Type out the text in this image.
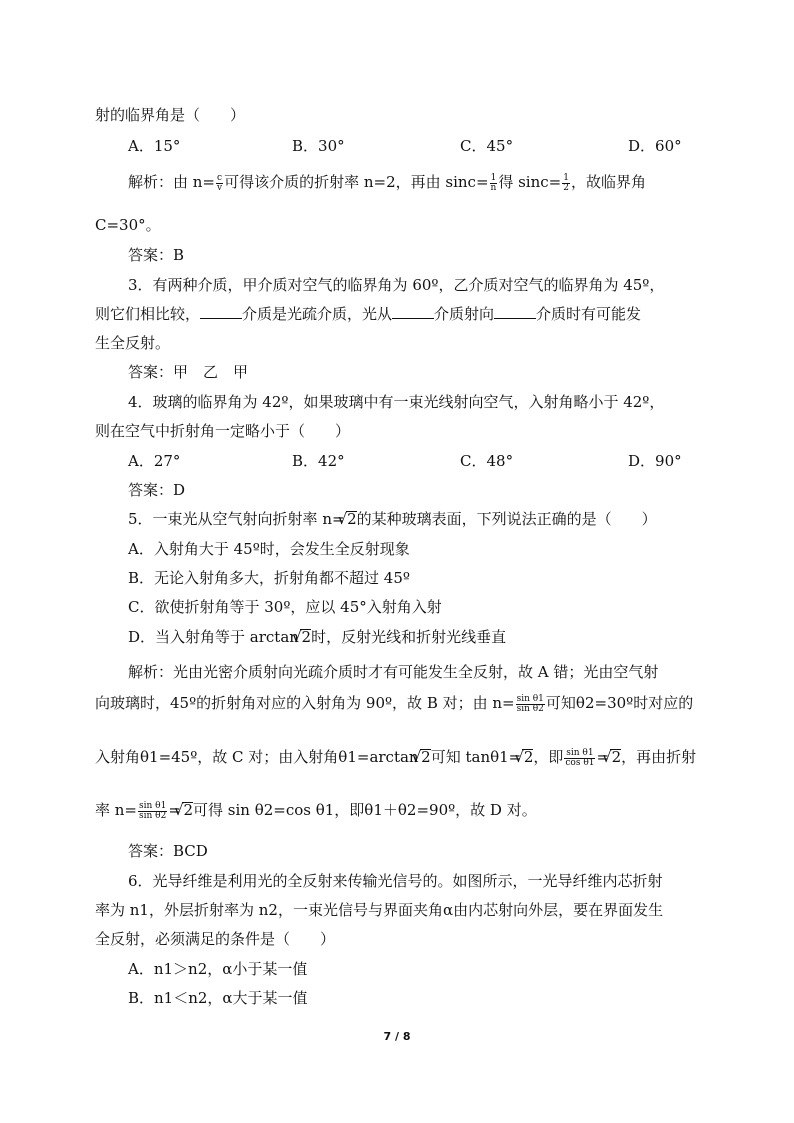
射的临界角是（　　）
A．15°	B．30°	C．45°	D．60°
解析：由 $n= \frac{c}{v}$ 可得该介质的折射率 n=2，再由 $\sin c= \frac{1}{n}$ 得 $\sin c= \frac{1}{2}$ ，故临界角
C=30°。
答案：B
3．有两种介质，甲介质对空气的临界角为 60º，乙介质对空气的临界角为 45º，
则它们相比较，	介质是光疏介质，光从	介质射向	介质时有可能发
生全反射。
答案：甲　乙　甲
4．玻璃的临界角为 42º，如果玻璃中有一束光线射向空气，入射角略小于 42º，
则在空气中折射角一定略小于（　　）
A．27°	B．42°	C．48°	D．90°
答案：D
5．一束光从空气射向折射率 n= √ 2的某种玻璃表面，下列说法正确的是（　　）
A．入射角大于 45º时，会发生全反射现象
B．无论入射角多大，折射角都不超过 45º
C．欲使折射角等于 30º，应以 45°入射角入射
D．当入射角等于 arctan √ 2时，反射光线和折射光线垂直
解析：光由光密介质射向光疏介质时才有可能发生全反射，故 A 错；光由空气射
向玻璃时，45º的折射角对应的入射角为 90º，故 B 对；由 $n= \frac{\text{sin θ1}}{\text{sin θ2}}$ 可知θ2=30º时对应的
入射角θ1=45º，故 C 对；由入射角θ1=arctan √ 2可知 tanθ1= √ 2，即 $\frac{\text{sin θ1}}{\text{cos θ1}}$ = √ 2，再由折射
率 $n= \frac{\text{sin θ1}}{\text{sin θ2}}$ = √ 2可得 sin θ2=cos θ1，即θ1＋θ2=90º，故 D 对。
答案：BCD
6．光导纤维是利用光的全反射来传输光信号的。如图所示，一光导纤维内芯折射
率为 n1，外层折射率为 n2，一束光信号与界面夹角α由内芯射向外层，要在界面发生
全反射，必须满足的条件是（　　）
A．n1＞n2，α小于某一值
B．n1＜n2，α大于某一值
7 / 8
